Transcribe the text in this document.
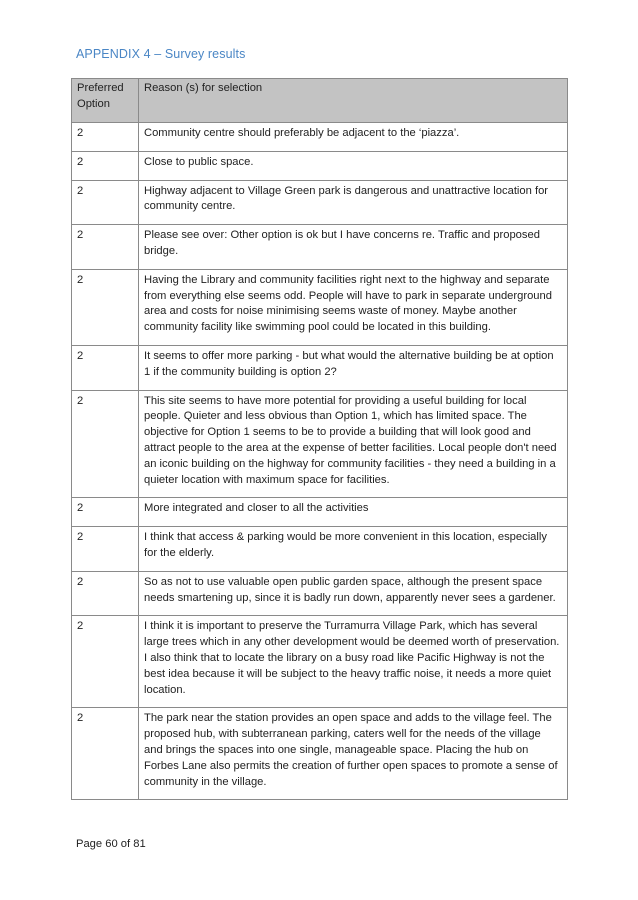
APPENDIX 4 – Survey results
Preferred Option	Reason (s) for selection
2	Community centre should preferably be adjacent to the ‘piazza’.
2	Close to public space.
2	Highway adjacent to Village Green park is dangerous and unattractive location for community centre.
2	Please see over: Other option is ok but I have concerns re. Traffic and proposed bridge.
2	Having the Library and community facilities right next to the highway and separate from everything else seems odd. People will have to park in separate underground area and costs for noise minimising seems waste of money. Maybe another community facility like swimming pool could be located in this building.
2	It seems to offer more parking - but what would the alternative building be at option 1 if the community building is option 2?
2	This site seems to have more potential for providing a useful building for local people. Quieter and less obvious than Option 1, which has limited space. The objective for Option 1 seems to be to provide a building that will look good and attract people to the area at the expense of better facilities. Local people don't need an iconic building on the highway for community facilities - they need a building in a quieter location with maximum space for facilities.
2	More integrated and closer to all the activities
2	I think that access & parking would be more convenient in this location, especially for the elderly.
2	So as not to use valuable open public garden space, although the present space needs smartening up, since it is badly run down, apparently never sees a gardener.
2	I think it is important to preserve the Turramurra Village Park, which has several large trees which in any other development would be deemed worth of preservation. I also think that to locate the library on a busy road like Pacific Highway is not the best idea because it will be subject to the heavy traffic noise, it needs a more quiet location.
2	The park near the station provides an open space and adds to the village feel. The proposed hub, with subterranean parking, caters well for the needs of the village and brings the spaces into one single, manageable space. Placing the hub on Forbes Lane also permits the creation of further open spaces to promote a sense of community in the village.
Page 60 of 81
